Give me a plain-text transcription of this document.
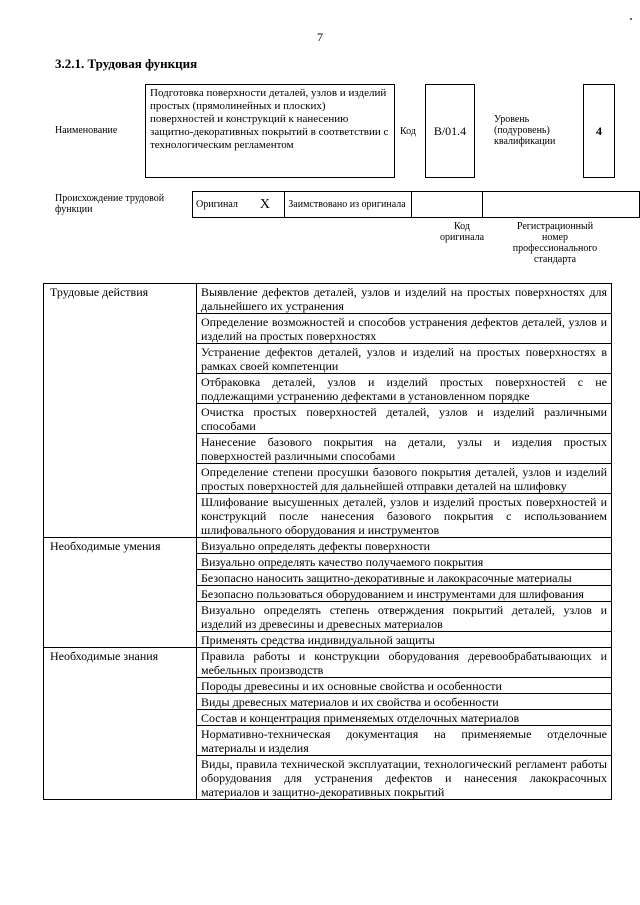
7
3.2.1. Трудовая функция
Наименование
Подготовка поверхности деталей, узлов и изделий простых (прямолинейных и плоских) поверхностей и конструкций к нанесению защитно-декоративных покрытий в соответствии с технологическим регламентом
Код B/01.4
Уровень (подуровень) квалификации
4
Происхождение трудовой функции	Оригинал	X	Заимствовано из оригинала		
Код оригинала
Регистрационный номер профессионального стандарта
Трудовые действия	Выявление дефектов деталей, узлов и изделий на простых поверхностях для дальнейшего их устранения
	Определение возможностей и способов устранения дефектов деталей, узлов и изделий на простых поверхностях
	Устранение дефектов деталей, узлов и изделий на простых поверхностях в рамках своей компетенции
	Отбраковка деталей, узлов и изделий простых поверхностей с не подлежащими устранению дефектами в установленном порядке
	Очистка простых поверхностей деталей, узлов и изделий различными способами
	Нанесение базового покрытия на детали, узлы и изделия простых поверхностей различными способами
	Определение степени просушки базового покрытия деталей, узлов и изделий простых поверхностей для дальнейшей отправки деталей на шлифовку
	Шлифование высушенных деталей, узлов и изделий простых поверхностей и конструкций после нанесения базового покрытия с использованием шлифовального оборудования и инструментов
Необходимые умения	Визуально определять дефекты поверхности
	Визуально определять качество получаемого покрытия
	Безопасно наносить защитно-декоративные и лакокрасочные материалы
	Безопасно пользоваться оборудованием и инструментами для шлифования
	Визуально определять степень отверждения покрытий деталей, узлов и изделий из древесины и древесных материалов
	Применять средства индивидуальной защиты
Необходимые знания	Правила работы и конструкции оборудования деревообрабатывающих и мебельных производств
	Породы древесины и их основные свойства и особенности
	Виды древесных материалов и их свойства и особенности
	Состав и концентрация применяемых отделочных материалов
	Нормативно-техническая документация на применяемые отделочные материалы и изделия
	Виды, правила технической эксплуатации, технологический регламент работы оборудования для устранения дефектов и нанесения лакокрасочных материалов и защитно-декоративных покрытий
